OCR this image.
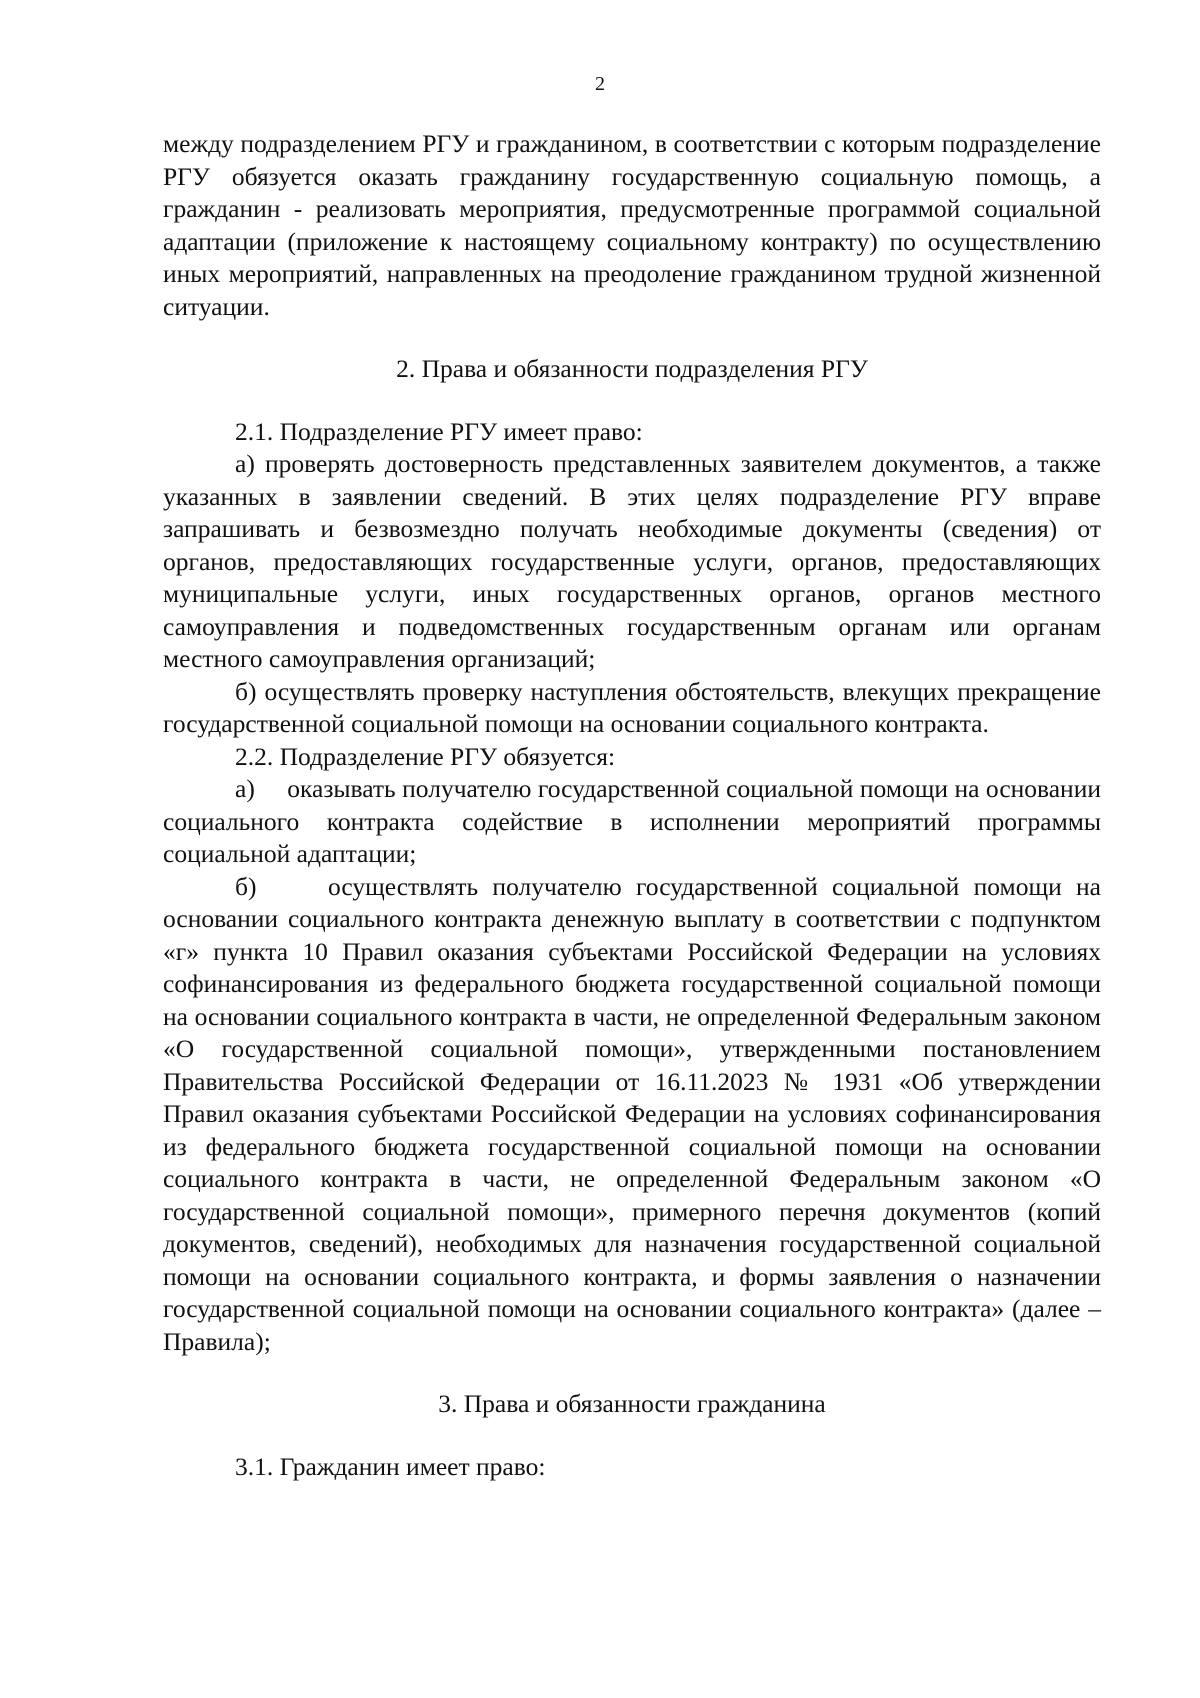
2

между подразделением РГУ и гражданином, в соответствии с которым подразделение РГУ обязуется оказать гражданину государственную социальную помощь, а гражданин - реализовать мероприятия, предусмотренные программой социальной адаптации (приложение к настоящему социальному контракту) по осуществлению иных мероприятий, направленных на преодоление гражданином трудной жизненной ситуации.

2. Права и обязанности подразделения РГУ

2.1. Подразделение РГУ имеет право:

а) проверять достоверность представленных заявителем документов, а также указанных в заявлении сведений. В этих целях подразделение РГУ вправе запрашивать и безвозмездно получать необходимые документы (сведения) от органов, предоставляющих государственные услуги, органов, предоставляющих муниципальные услуги, иных государственных органов, органов местного самоуправления и подведомственных государственным органам или органам местного самоуправления организаций;

б) осуществлять проверку наступления обстоятельств, влекущих прекращение государственной социальной помощи на основании социального контракта.

2.2. Подразделение РГУ обязуется:

а)     оказывать получателю государственной социальной помощи на основании социального контракта содействие в исполнении мероприятий программы социальной адаптации;

б)     осуществлять получателю государственной социальной помощи на основании социального контракта денежную выплату в соответствии с подпунктом «г» пункта 10 Правил оказания субъектами Российской Федерации на условиях софинансирования из федерального бюджета государственной социальной помощи на основании социального контракта в части, не определенной Федеральным законом «О государственной социальной помощи», утвержденными постановлением Правительства Российской Федерации от 16.11.2023 № 1931 «Об утверждении Правил оказания субъектами Российской Федерации на условиях софинансирования из федерального бюджета государственной социальной помощи на основании социального контракта в части, не определенной Федеральным законом «О государственной социальной помощи», примерного перечня документов (копий документов, сведений), необходимых для назначения государственной социальной помощи на основании социального контракта, и формы заявления о назначении государственной социальной помощи на основании социального контракта» (далее – Правила);

3. Права и обязанности гражданина

3.1. Гражданин имеет право:
